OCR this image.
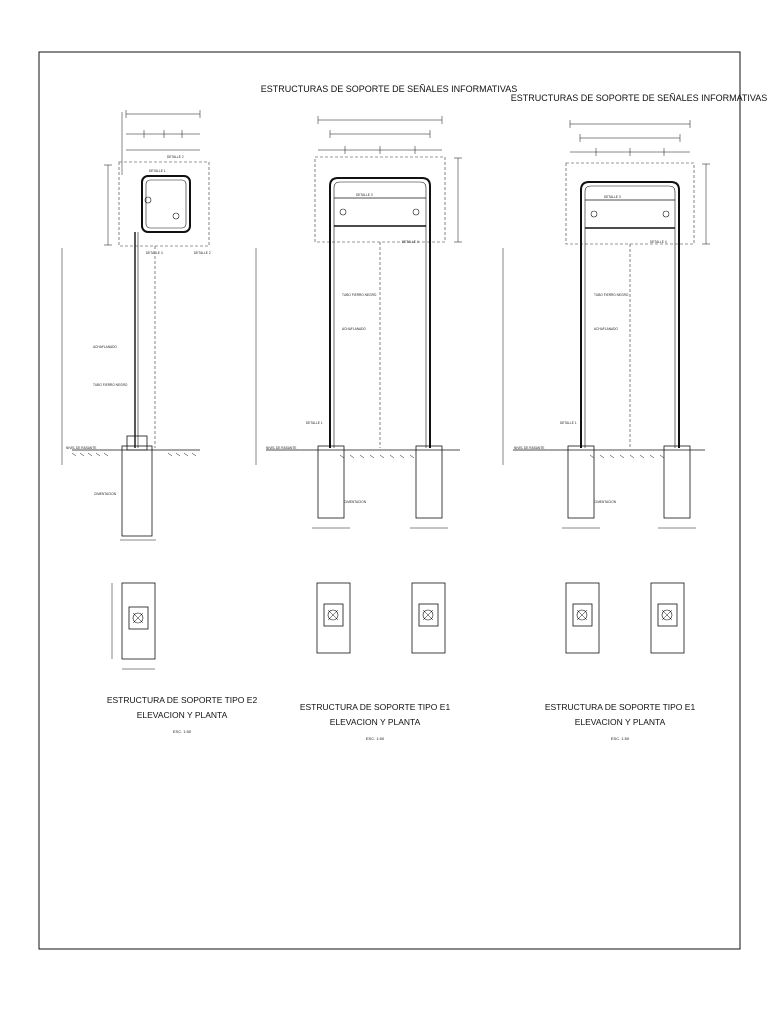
ESTRUCTURAS DE SOPORTE DE SEÑALES INFORMATIVAS
ESTRUCTURAS DE SOPORTE DE SEÑALES INFORMATIVAS
DETALLE 1
DETALLE 2
DETALLE 4	DETALLE 2
TUBO FIERRO NEGRO
ACHAFLANADO
NIVEL DE RASANTE
CIMENTACION
ESTRUCTURA DE SOPORTE TIPO E2
ELEVACION Y PLANTA
ESC. 1:50
DETALLE 3
DETALLE 4
DETALLE 1
TUBO FIERRO NEGRO
ACHAFLANADO
NIVEL DE RASANTE
CIMENTACION
ESTRUCTURA DE SOPORTE TIPO E1
ELEVACION Y PLANTA
ESC. 1:50
DETALLE 3
DETALLE 4
DETALLE 1
TUBO FIERRO NEGRO
ACHAFLANADO
NIVEL DE RASANTE
CIMENTACION
ESTRUCTURA DE SOPORTE TIPO E1
ELEVACION Y PLANTA
ESC. 1:50
